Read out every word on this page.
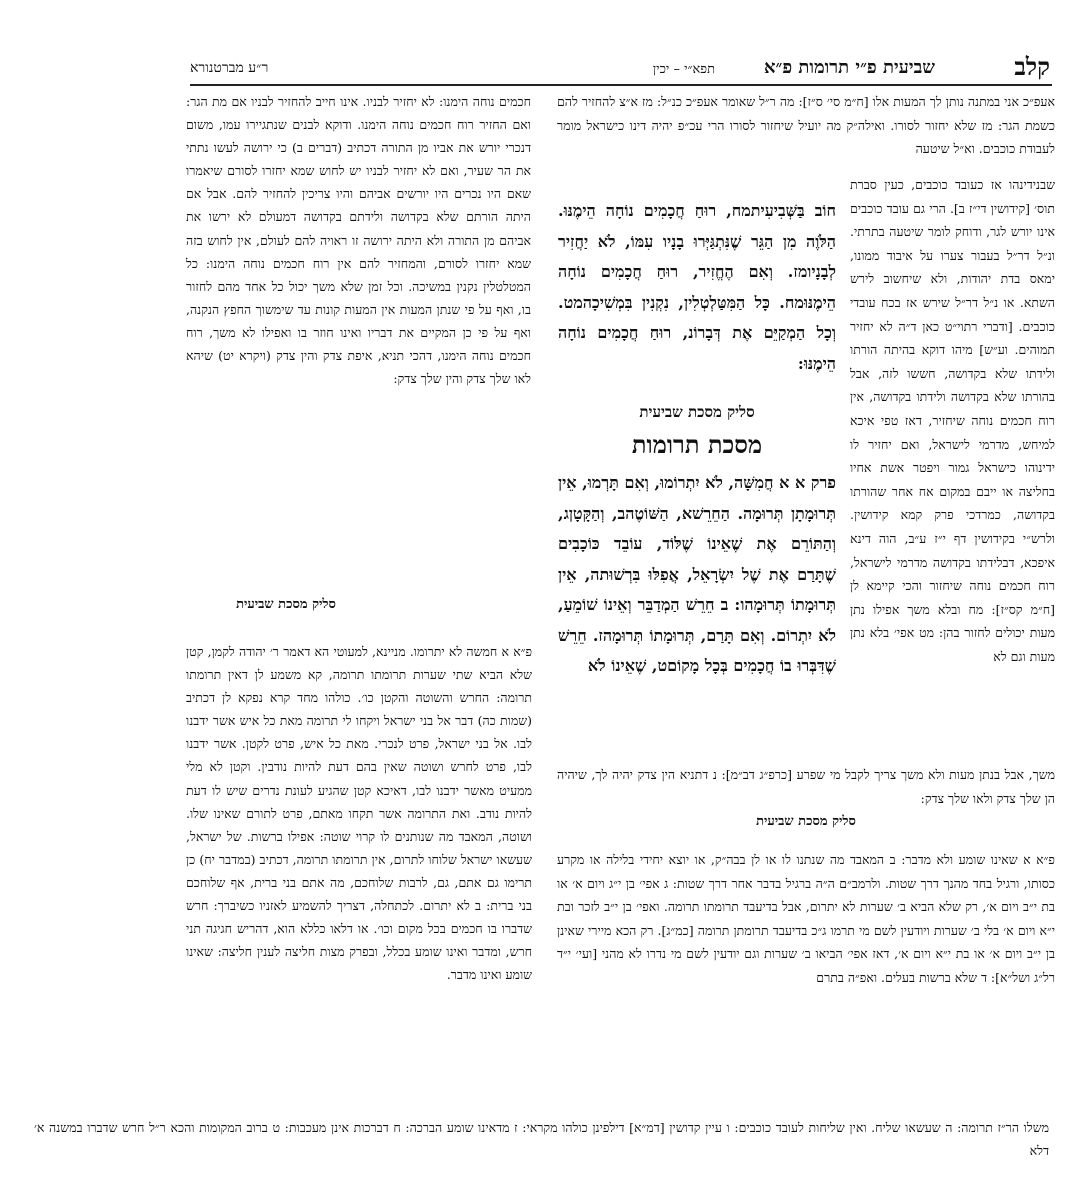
קלב
תפא״י – יכין	שביעית פ״י תרומות פ״א
ר״ע מברטנורא
אעפ״כ אני במתנה נותן לך המעות אלו [ח״מ סי׳ ס״ז]: מה ר״ל שאומר אעפ״כ כנ״ל: מז א״צ להחזיר להם כשמת הגר: מז שלא יחזור לסורו. ואילה״ק מה יועיל שיחזור לסורו הרי עכ״פ יהיה דינו כישראל מומר לעבודת כוכבים. וא״ל שיטעה
שבנידינהו אז כעובד כוכבים, כעין סברת תוס׳ [קידושין די״ז ב]. הרי גם עובד כוכבים אינו יורש לגר, ודוחק לומר שיטעה בתרתי. ונ״ל דר״ל בעבור צערו על איבוד ממונו, ימאס בדת יהודות, ולא שיחשוב לירש השתא. או נ״ל דר״ל שירש אז בכח עובדי כוכבים. [ודברי רתוי״ט כאן ד״ה לא יחזיר תמוהים. וע״ש] מיהו דוקא בהיתה הורתו ולידתו שלא בקדושה, חששו לזה, אבל בהורתו שלא בקדושה ולידתו בקדושה, אין רוח חכמים נוחה שיחזיר, דאז טפי איכא למיחש, מדרמי לישראל, ואם יחזיר לו ידינוהו כישראל גמור ויפטר אשת אחיו בחליצה או ייבם במקום אח אחר שהורתו בקדושה, כמרדכי פרק קמא קידושין. ולרש״י בקידושין דף י״ז ע״ב, הוה דינא איפכא, דבלידתו בקדושה מדרמי לישראל, רוח חכמים נוחה שיחזור והכי קיימא לן [ח״מ קס״ז]: מח ובלא משך אפילו נתן מעות יכולים לחזור בהן: מט אפי׳ בלא נתן מעות וגם לא
משך, אבל בנתן מעות ולא משך צריך לקבל מי שפרע [כרפ״ג דב״מ]: נ דתניא הין צדק יהיה לך, שיהיה הן שלך צדק ולאו שלך צדק:
סליק מסכת שביעית
פ״א א שאינו שומע ולא מדבר: ב המאבד מה שנתנו לו או לן בבה״ק, או יוצא יחידי בלילה או מקרע כסותו, ורגיל בחד מהנך דרך שטות. ולרמב״ם ה״ה ברגיל בדבר אחר דרך שטות: ג אפי׳ בן י״ג ויום א׳ או בת י״ב ויום א׳, רק שלא הביא ב׳ שערות לא יתרום, אבל בדיעבד תרומתו תרומה. ואפי׳ בן י״ב לזכר ובת י״א ויום א׳ בלי ב׳ שערות ויודעין לשם מי תרמו ג״כ בדיעבד תרומתן תרומה [כמ״ג]. רק הכא מיירי שאינן בן י״ב ויום א׳ או בת י״א ויום א׳, דאז אפי׳ הביאו ב׳ שערות וגם יודעין לשם מי נדרו לא מהני [ועי׳ י״ד רל״ג ושל״א]: ד שלא ברשות בעלים. ואפ״ה בתרם
חוֹב בַּשְּׁבִיעִיתמח, רוּחַ חֲכָמִים נוֹחָה הֵימֶנּוּ. הַלֹּוֶה מִן הַגֵּר שֶׁנִּתְגַּיְּרוּ בָנָיו עִמּוֹ, לֹא יַחֲזִיר לְבָנָיומז. וְאִם הֶחֱזִיר, רוּחַ חֲכָמִים נוֹחָה הֵימֶנּוּמח. כָּל הַמִּטַּלְטְלִין, נִקְנִין בִּמְשִׁיכָהמט. וְכָל הַמְקַיֵּם אֶת דְּבָרוֹנ, רוּחַ חֲכָמִים נוֹחָה הֵימֶנּוּ:
סליק מסכת שביעית
מסכת תרומות
פרק א א חֲמִשָּׁה, לֹא יִתְרוֹמוּ, וְאִם תָּרְמוּ, אֵין תְּרוּמָתָן תְּרוּמָה. הַחֵרֵשׁא, הַשּׁוֹטֶהב, וְהַקָּטָןג, וְהַתּוֹרֵם אֶת שֶׁאֵינוֹ שֶׁלּוֹד, עוֹבֵד כּוֹכָבִים שֶׁתָּרַם אֶת שֶׁל יִשְׂרָאֵל, אֲפִלּוּ בִּרְשׁוּתה, אֵין תְּרוּמָתוֹ תְּרוּמָהו: ב חֵרֵשׁ הַמְדַבֵּר וְאֵינוֹ שׁוֹמֵעַ, לֹא יִתְרוֹם. וְאִם תָּרַם, תְּרוּמָתוֹ תְּרוּמָהז. חֵרֵשׁ שֶׁדִּבְּרוּ בוֹ חֲכָמִים בְּכָל מָקוֹםט, שֶׁאֵינוֹ לֹא
חכמים נוחה הימנו: לא יחזיר לבניו. אינו חייב להחזיר לבניו אם מת הגר: ואם החזיר רוח חכמים נוחה הימנו. ודוקא לבנים שנתגיירו עמו, משום דנכרי יורש את אביו מן התורה דכתיב (דברים ב) כי ירושה לעשו נתתי את הר שעיר, ואם לא יחזיר לבניו יש לחוש שמא יחזרו לסורם שיאמרו שאם היו נכרים היו יורשים אביהם והיו צריכין להחזיר להם. אבל אם היתה הורתם שלא בקדושה ולידתם בקדושה דמעולם לא ירשו את אביהם מן התורה ולא היתה ירושה זו ראויה להם לעולם, אין לחוש בזה שמא יחזרו לסורם, והמחזיר להם אין רוח חכמים נוחה הימנו: כל המטלטלין נקנין במשיכה. וכל זמן שלא משך יכול כל אחד מהם לחזור בו, ואף על פי שנתן המעות אין המעות קונות עד שימשוך החפץ הנקנה, ואף על פי כן המקיים את דבריו ואינו חוזר בו ואפילו לא משך, רוח חכמים נוחה הימנו, דהכי תניא, איפת צדק והין צדק (ויקרא יט) שיהא לאו שלך צדק והין שלך צדק:
סליק מסכת שביעית
פ״א א חמשה לא יתרומו. מניינא, למעוטי הא דאמר ר׳ יהודה לקמן, קטן שלא הביא שתי שערות תרומתו תרומה, קא משמע לן דאין תרומתו תרומה: החרש והשוטה והקטן כו׳. כולהו מחד קרא נפקא לן דכתיב (שמות כה) דבר אל בני ישראל ויקחו לי תרומה מאת כל איש אשר ידבנו לבו. אל בני ישראל, פרט לנכרי. מאת כל איש, פרט לקטן. אשר ידבנו לבו, פרט לחרש ושוטה שאין בהם דעת להיות נודבין. וקטן לא מלי ממעיט מאשר ידבנו לבו, דאיכא קטן שהגיע לעונת נדרים שיש לו דעת להיות נודב. ואת התרומה אשר תקחו מאתם, פרט לתורם שאינו שלו. ושוטה, המאבד מה שנותנים לו קרוי שוטה: אפילו ברשות. של ישראל, שעשאו ישראל שלוחו לתרום, אין תרומתו תרומה, דכתיב (במדבר יח) כן תרימו גם אתם, גם, לרבות שלוחכם, מה אתם בני ברית, אף שלוחכם בני ברית: ב לא יתרום. לכתחלה, דצריך להשמיע לאזניו כשיברך: חרש שדברו בו חכמים בכל מקום וכו׳. או דלאו כללא הוא, דהריש חגיגה תני חרש, ומדבר ואינו שומע בכלל, ובפרק מצות חליצה לענין חליצה: שאינו שומע ואינו מדבר.
משלו הר״ז תרומה: ה שעשאו שליח. ואין שליחות לעובד כוכבים: ו עיין קדושין [דמ״א] דילפינן כולהו מקראי: ז מדאינו שומע הברכה: ח דברכות אינן מעכבות: ט ברוב המקומות והכא ר״ל חרש שדברו במשנה א׳ דלא
